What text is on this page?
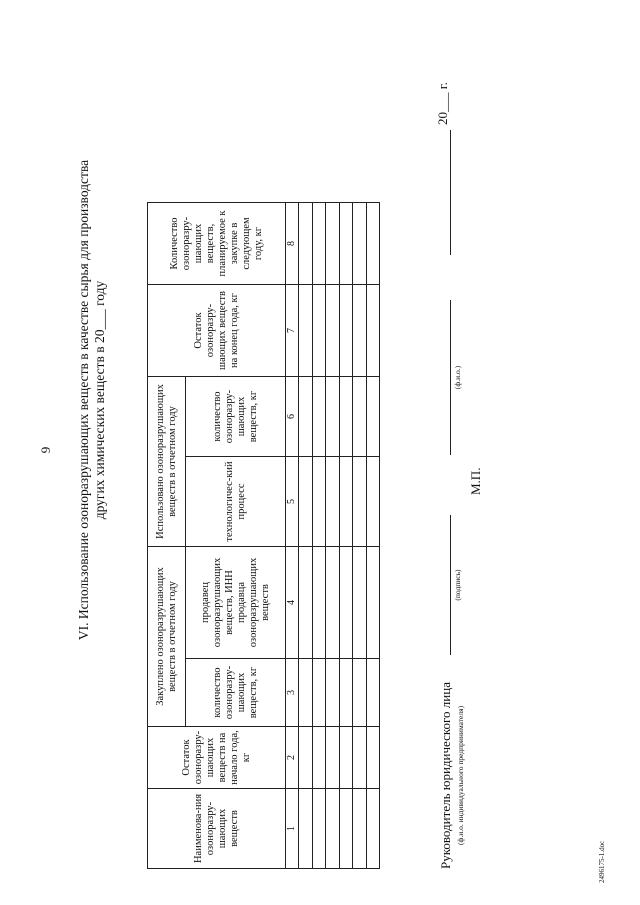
9 VI. Использование озоноразрушающих веществ в качестве сырья для производства других химических веществ в 20___ году
Наименова-ния озоноразру-шающих веществ	Остаток озоноразру-шающих веществ на начало года, кг	Закуплено озоноразрушающих веществ в отчетном году		Использовано озоноразрушающих веществ в отчетном году		Остаток озоноразру-шающих веществ на конец года, кг	Количество озоноразру-шающих веществ, планируемое к закупке в следующем году, кг
		количество озоноразру-шающих веществ, кг	продавец озоноразрушающих веществ, ИНН продавца озоноразрушающих веществ	технологичес-кий процесс	количество озоноразру-шающих веществ, кг		
1	2	3	4	5	6	7	8

Руководитель юридического лица (ф.и.о. индивидуального предпринимателя)
(подпись)
(ф.и.о.)
М.П.
20___ г.
2496175-1.doc
